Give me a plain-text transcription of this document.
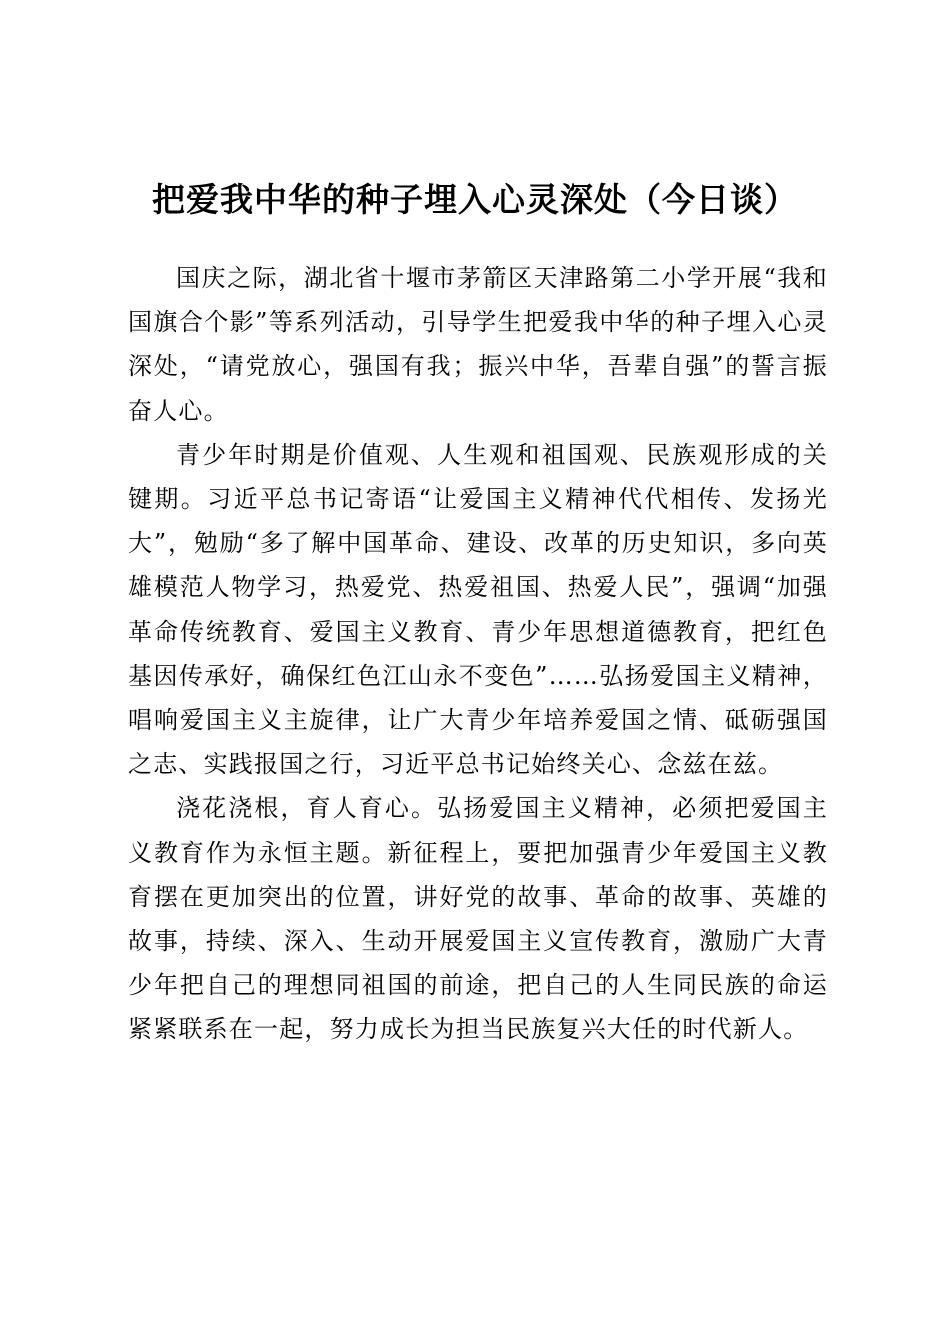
把爱我中华的种子埋入心灵深处（今日谈）

国庆之际，湖北省十堰市茅箭区天津路第二小学开展“我和国旗合个影”等系列活动，引导学生把爱我中华的种子埋入心灵深处，“请党放心，强国有我；振兴中华，吾辈自强”的誓言振奋人心。

青少年时期是价值观、人生观和祖国观、民族观形成的关键期。习近平总书记寄语“让爱国主义精神代代相传、发扬光大”，勉励“多了解中国革命、建设、改革的历史知识，多向英雄模范人物学习，热爱党、热爱祖国、热爱人民”，强调“加强革命传统教育、爱国主义教育、青少年思想道德教育，把红色基因传承好，确保红色江山永不变色”……弘扬爱国主义精神，唱响爱国主义主旋律，让广大青少年培养爱国之情、砥砺强国之志、实践报国之行，习近平总书记始终关心、念兹在兹。

浇花浇根，育人育心。弘扬爱国主义精神，必须把爱国主义教育作为永恒主题。新征程上，要把加强青少年爱国主义教育摆在更加突出的位置，讲好党的故事、革命的故事、英雄的故事，持续、深入、生动开展爱国主义宣传教育，激励广大青少年把自己的理想同祖国的前途，把自己的人生同民族的命运紧紧联系在一起，努力成长为担当民族复兴大任的时代新人。
